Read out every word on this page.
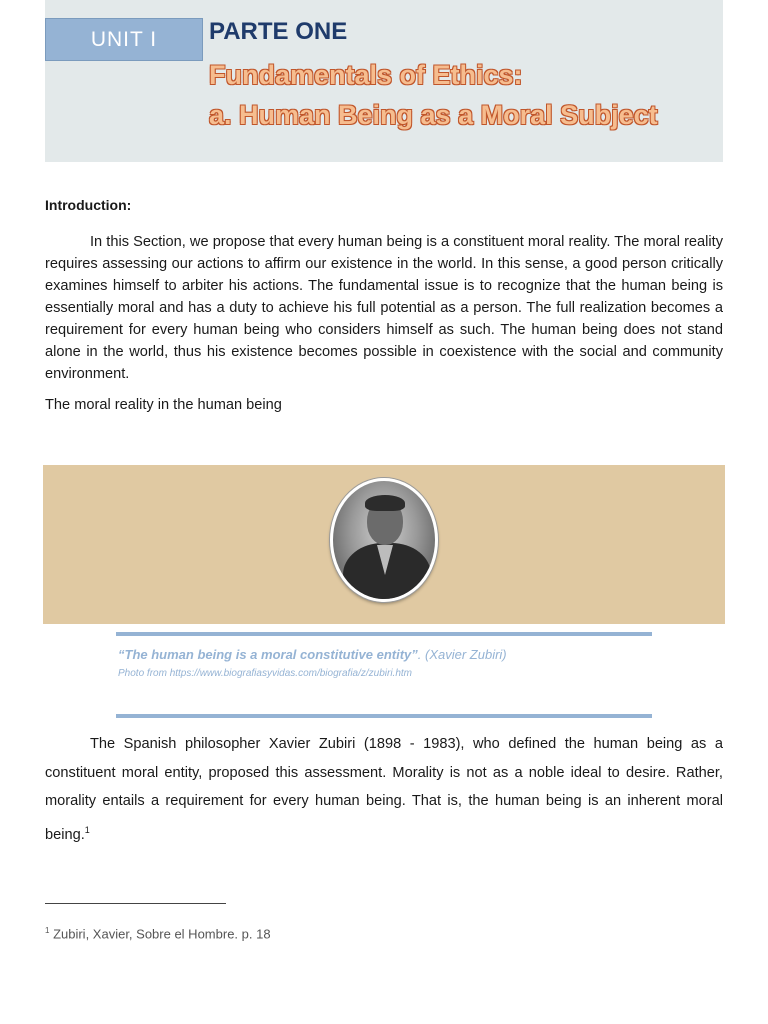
UNIT I	PARTE ONE
Fundamentals of Ethics:
a. Human Being as a Moral Subject
Introduction:

In this Section, we propose that every human being is a constituent moral reality. The moral reality requires assessing our actions to affirm our existence in the world. In this sense, a good person critically examines himself to arbiter his actions. The fundamental issue is to recognize that the human being is essentially moral and has a duty to achieve his full potential as a person. The full realization becomes a requirement for every human being who considers himself as such. The human being does not stand alone in the world, thus his existence becomes possible in coexistence with the social and community environment.

The moral reality in the human being
“The human being is a moral constitutive entity”. (Xavier Zubiri)
Photo from https://www.biografiasyvidas.com/biografia/z/zubiri.htm

The Spanish philosopher Xavier Zubiri (1898 - 1983), who defined the human being as a constituent moral entity, proposed this assessment. Morality is not as a noble ideal to desire. Rather, morality entails a requirement for every human being. That is, the human being is an inherent moral being.$^1$

$^1$ Zubiri, Xavier, Sobre el Hombre. p. 18
